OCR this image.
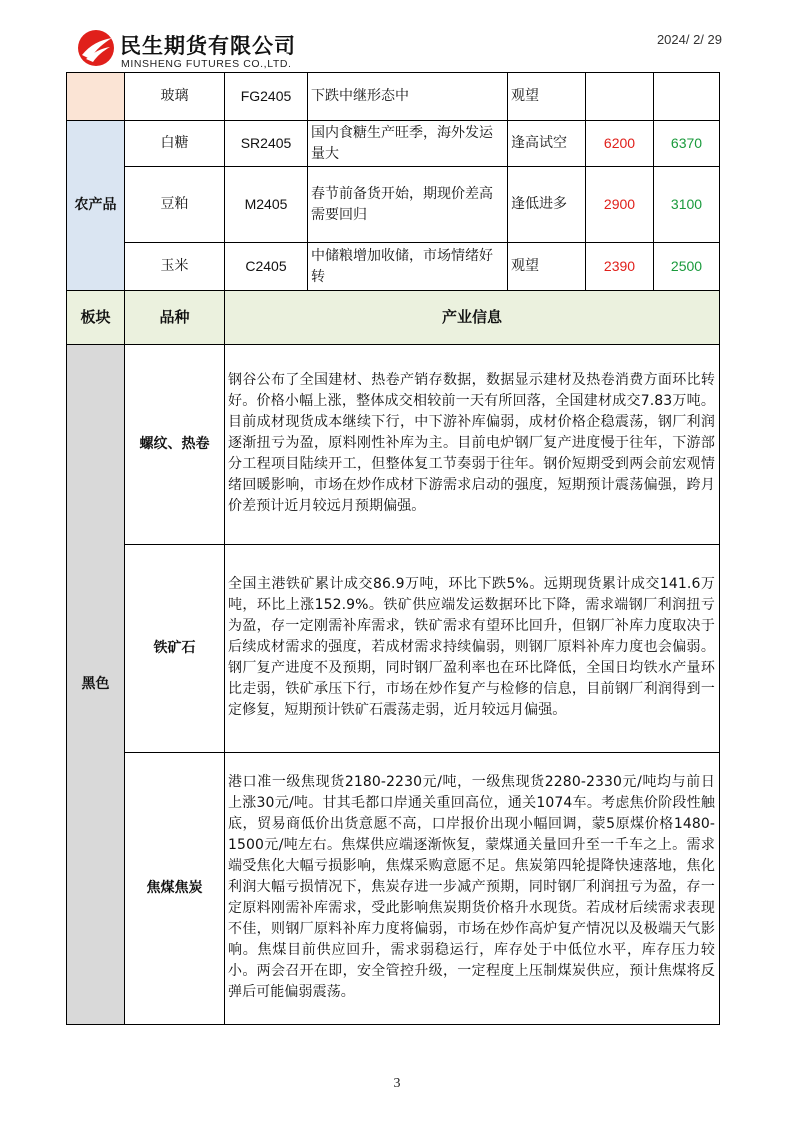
民生期货有限公司
MINSHENG FUTURES CO.,LTD.
2024/ 2/ 29
	玻璃	FG2405	下跌中继形态中	观望		
农产品	白糖	SR2405	国内食糖生产旺季，海外发运量大	逢高试空	6200	6370
	豆粕	M2405	春节前备货开始，期现价差高需要回归	逢低进多	2900	3100
	玉米	C2405	中储粮增加收储，市场情绪好转	观望	2390	2500
板块	品种	产业信息				
黑色	螺纹、热卷	钢谷公布了全国建材、热卷产销存数据，数据显示建材及热卷消费方面环比转好。价格小幅上涨，整体成交相较前一天有所回落，全国建材成交7.83万吨。目前成材现货成本继续下行，中下游补库偏弱，成材价格企稳震荡，钢厂利润逐渐扭亏为盈，原料刚性补库为主。目前电炉钢厂复产进度慢于往年，下游部分工程项目陆续开工，但整体复工节奏弱于往年。钢价短期受到两会前宏观情绪回暖影响，市场在炒作成材下游需求启动的强度，短期预计震荡偏强，跨月价差预计近月较远月预期偏强。				
	铁矿石	全国主港铁矿累计成交86.9万吨，环比下跌5%。远期现货累计成交141.6万吨，环比上涨152.9%。铁矿供应端发运数据环比下降，需求端钢厂利润扭亏为盈，存一定刚需补库需求，铁矿需求有望环比回升，但钢厂补库力度取决于后续成材需求的强度，若成材需求持续偏弱，则钢厂原料补库力度也会偏弱。钢厂复产进度不及预期，同时钢厂盈利率也在环比降低，全国日均铁水产量环比走弱，铁矿承压下行，市场在炒作复产与检修的信息，目前钢厂利润得到一定修复，短期预计铁矿石震荡走弱，近月较远月偏强。				
	焦煤焦炭	港口准一级焦现货2180-2230元/吨，一级焦现货2280-2330元/吨均与前日上涨30元/吨。甘其毛都口岸通关重回高位，通关1074车。考虑焦价阶段性触底，贸易商低价出货意愿不高，口岸报价出现小幅回调，蒙5原煤价格1480-1500元/吨左右。焦煤供应端逐渐恢复，蒙煤通关量回升至一千车之上。需求端受焦化大幅亏损影响，焦煤采购意愿不足。焦炭第四轮提降快速落地，焦化利润大幅亏损情况下，焦炭存进一步减产预期，同时钢厂利润扭亏为盈，存一定原料刚需补库需求，受此影响焦炭期货价格升水现货。若成材后续需求表现不佳，则钢厂原料补库力度将偏弱，市场在炒作高炉复产情况以及极端天气影响。焦煤目前供应回升，需求弱稳运行，库存处于中低位水平，库存压力较小。两会召开在即，安全管控升级，一定程度上压制煤炭供应，预计焦煤将反弹后可能偏弱震荡。				
3
